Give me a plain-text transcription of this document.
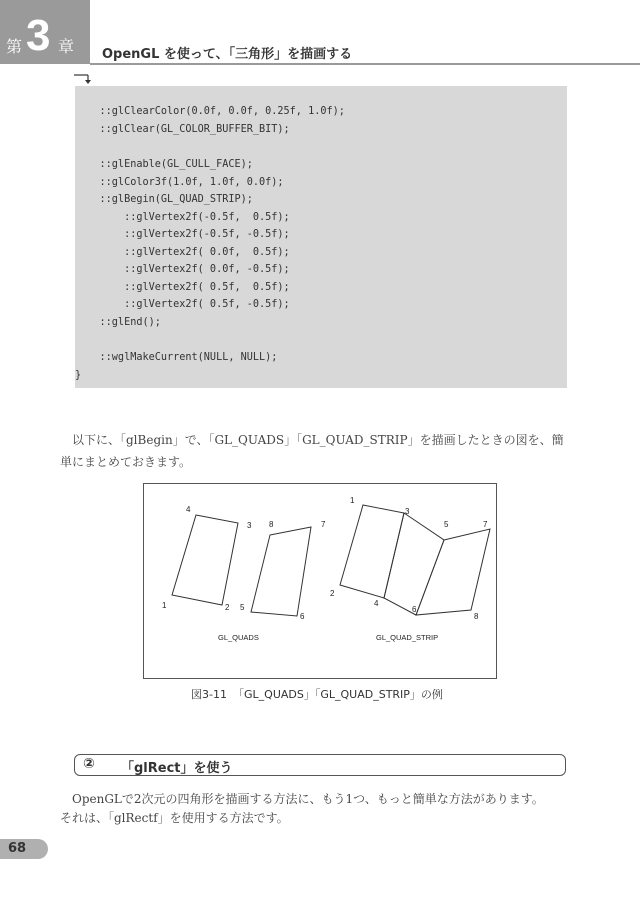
第 3 章 OpenGL を使って、「三角形」を描画する
::glClearColor(0.0f, 0.0f, 0.25f, 1.0f);
::glClear(GL_COLOR_BUFFER_BIT);
::glEnable(GL_CULL_FACE);
::glColor3f(1.0f, 1.0f, 0.0f);
::glBegin(GL_QUAD_STRIP);
::glVertex2f(-0.5f,  0.5f);
::glVertex2f(-0.5f, -0.5f);
::glVertex2f( 0.0f,  0.5f);
::glVertex2f( 0.0f, -0.5f);
::glVertex2f( 0.5f,  0.5f);
::glVertex2f( 0.5f, -0.5f);
::glEnd();
::wglMakeCurrent(NULL, NULL);
}
　以下に、「glBegin」で、「GL_QUADS」「GL_QUAD_STRIP」を描画したときの図を、簡
単にまとめておきます。
4
3
1	2
8	7
5
6
1
3
5	7
2
4
6
8
GL_QUADS	GL_QUAD_STRIP
図3-11 「GL_QUADS」「GL_QUAD_STRIP」の例
② 「glRect」を使う
　OpenGLで2次元の四角形を描画する方法に、もう1つ、もっと簡単な方法があります。
それは、「glRectf」を使用する方法です。
68
